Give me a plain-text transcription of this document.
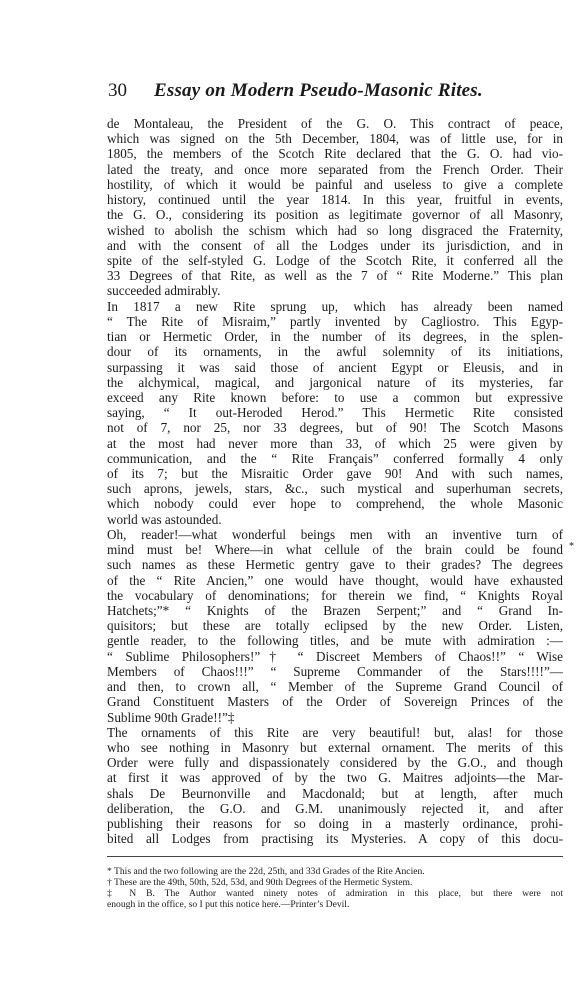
30 Essay on Modern Pseudo-Masonic Rites.
de Montaleau, the President of the G. O. This contract of peace,
which was signed on the 5th December, 1804, was of little use, for in
1805, the members of the Scotch Rite declared that the G. O. had vio-
lated the treaty, and once more separated from the French Order. Their
hostility, of which it would be painful and useless to give a complete
history, continued until the year 1814. In this year, fruitful in events,
the G. O., considering its position as legitimate governor of all Masonry,
wished to abolish the schism which had so long disgraced the Fraternity,
and with the consent of all the Lodges under its jurisdiction, and in
spite of the self-styled G. Lodge of the Scotch Rite, it conferred all the
33 Degrees of that Rite, as well as the 7 of “ Rite Moderne.” This plan
succeeded admirably.
In 1817 a new Rite sprung up, which has already been named
“ The Rite of Misraim,” partly invented by Cagliostro. This Egyp-
tian or Hermetic Order, in the number of its degrees, in the splen-
dour of its ornaments, in the awful solemnity of its initiations,
surpassing it was said those of ancient Egypt or Eleusis, and in
the alchymical, magical, and jargonical nature of its mysteries, far
exceed any Rite known before: to use a common but expressive
saying, “ It out-Heroded Herod.” This Hermetic Rite consisted
not of 7, nor 25, nor 33 degrees, but of 90! The Scotch Masons
at the most had never more than 33, of which 25 were given by
communication, and the “ Rite Français” conferred formally 4 only
of its 7; but the Misraitic Order gave 90! And with such names,
such aprons, jewels, stars, &c., such mystical and superhuman secrets,
which nobody could ever hope to comprehend, the whole Masonic
world was astounded.
Oh, reader!—what wonderful beings men with an inventive turn of
mind must be! Where—in what cellule of the brain could be found
such names as these Hermetic gentry gave to their grades? The degrees
of the “ Rite Ancien,” one would have thought, would have exhausted
the vocabulary of denominations; for therein we find, “ Knights Royal
Hatchets;”* “ Knights of the Brazen Serpent;” and “ Grand In-
quisitors; but these are totally eclipsed by the new Order. Listen,
gentle reader, to the following titles, and be mute with admiration :—
“ Sublime Philosophers!”† “ Discreet Members of Chaos!!” “ Wise
Members of Chaos!!!” “ Supreme Commander of the Stars!!!!”—
and then, to crown all, “ Member of the Supreme Grand Council of
Grand Constituent Masters of the Order of Sovereign Princes of the
Sublime 90th Grade!!”‡
The ornaments of this Rite are very beautiful! but, alas! for those
who see nothing in Masonry but external ornament. The merits of this
Order were fully and dispassionately considered by the G.O., and though
at first it was approved of by the two G. Maitres adjoints—the Mar-
shals De Beurnonville and Macdonald; but at length, after much
deliberation, the G.O. and G.M. unanimously rejected it, and after
publishing their reasons for so doing in a masterly ordinance, prohi-
bited all Lodges from practising its Mysteries. A copy of this docu-
*
* This and the two following are the 22d, 25th, and 33d Grades of the Rite Ancien.
† These are the 49th, 50th, 52d, 53d, and 90th Degrees of the Hermetic System.
‡ N B. The Author wanted ninety notes of admiration in this place, but there were not
enough in the office, so I put this notice here.—Printer’s Devil.
